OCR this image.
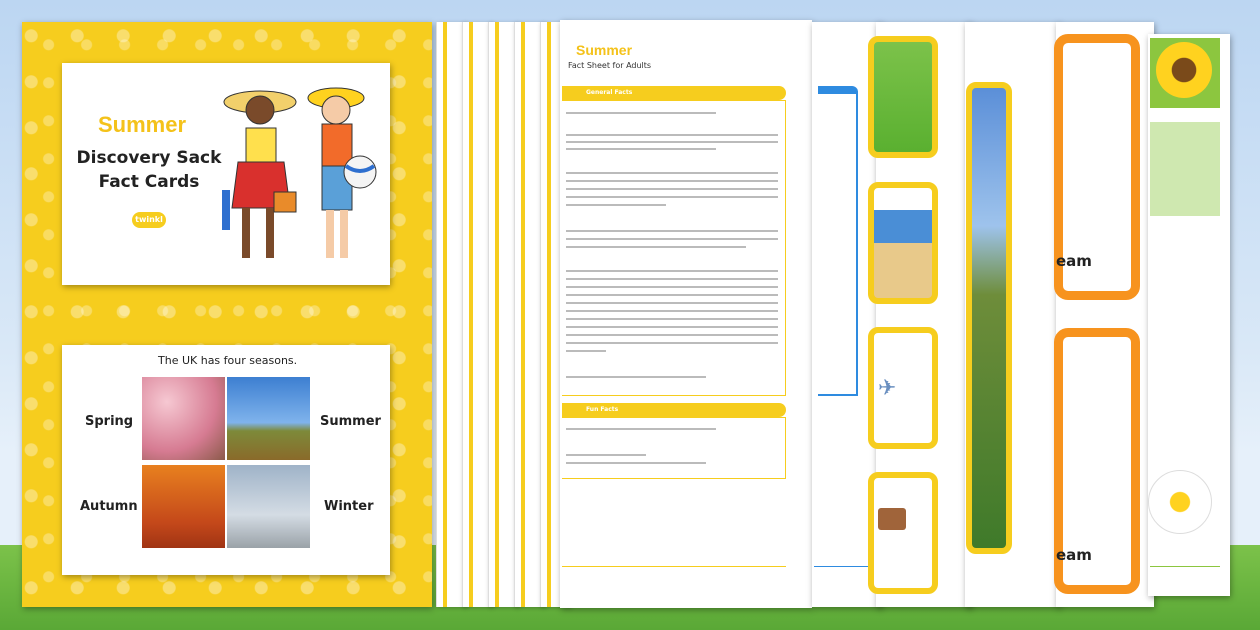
Summer
Discovery Sack
Fact Cards
twinkl
The UK has four seasons.
Spring	Summer
Autumn	Winter
Summer
Fact Sheet for Adults
General Facts
Fun Facts
✈
eam
eam
